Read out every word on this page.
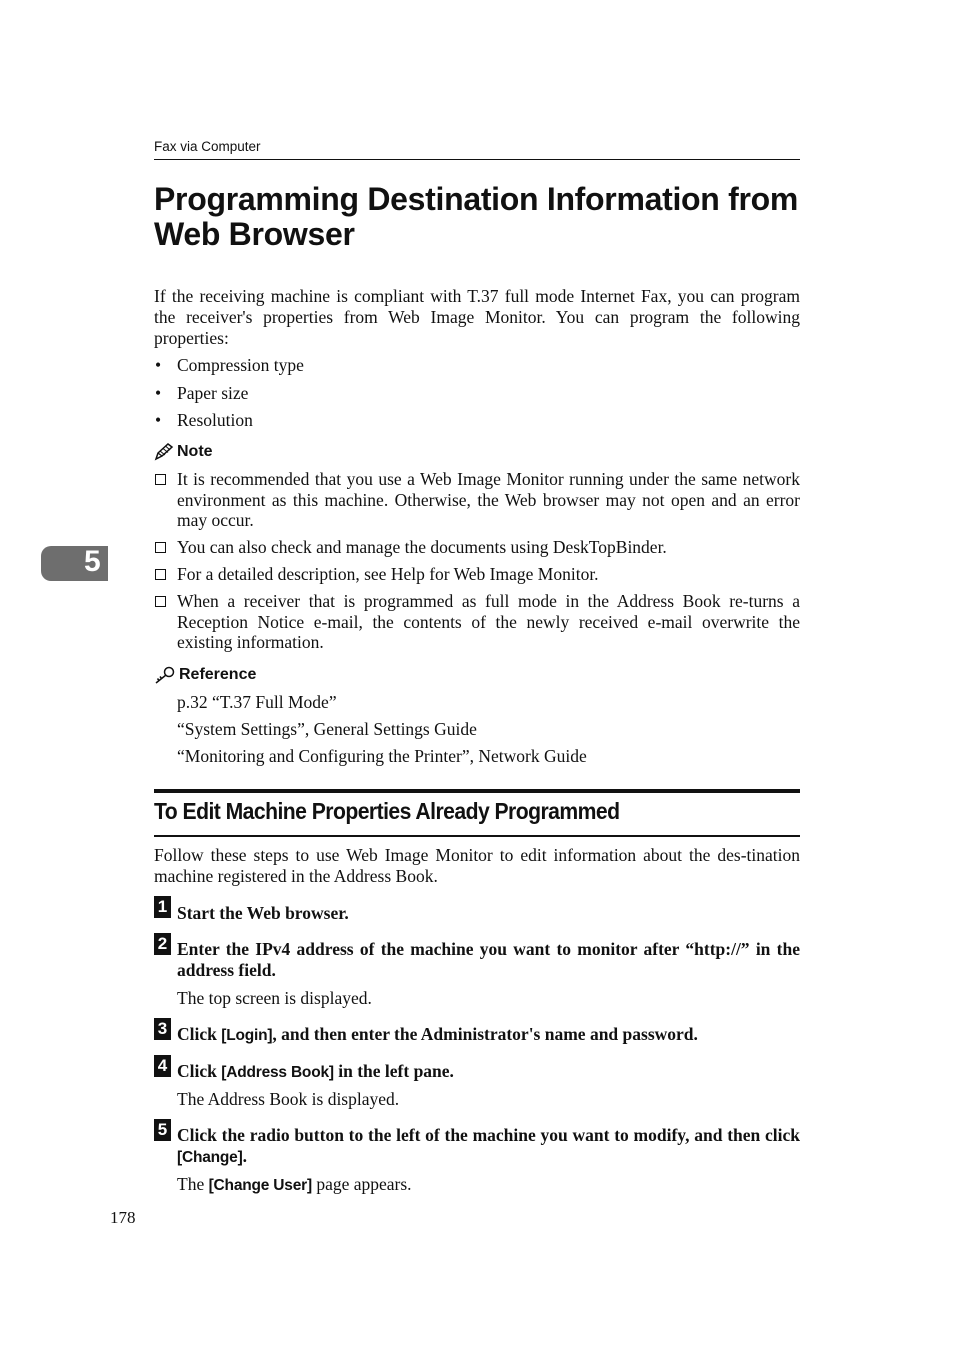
Fax via Computer
Programming Destination Information from Web Browser
If the receiving machine is compliant with T.37 full mode Internet Fax, you can program the receiver's properties from Web Image Monitor. You can program the following properties:
• Compression type
• Paper size
• Resolution
5
Note
It is recommended that you use a Web Image Monitor running under the same network environment as this machine. Otherwise, the Web browser may not open and an error may occur.
You can also check and manage the documents using DeskTopBinder.
For a detailed description, see Help for Web Image Monitor.
When a receiver that is programmed as full mode in the Address Book re-turns a Reception Notice e-mail, the contents of the newly received e-mail overwrite the existing information.
Reference
p.32 “T.37 Full Mode”
“System Settings”, General Settings Guide
“Monitoring and Configuring the Printer”, Network Guide
To Edit Machine Properties Already Programmed
Follow these steps to use Web Image Monitor to edit information about the des-tination machine registered in the Address Book.
1 Start the Web browser.
2 Enter the IPv4 address of the machine you want to monitor after “http://” in the address field.
The top screen is displayed.
3 Click [Login], and then enter the Administrator's name and password.
4 Click [Address Book] in the left pane.
The Address Book is displayed.
5 Click the radio button to the left of the machine you want to modify, and then click [Change].
The [Change User] page appears.
178
